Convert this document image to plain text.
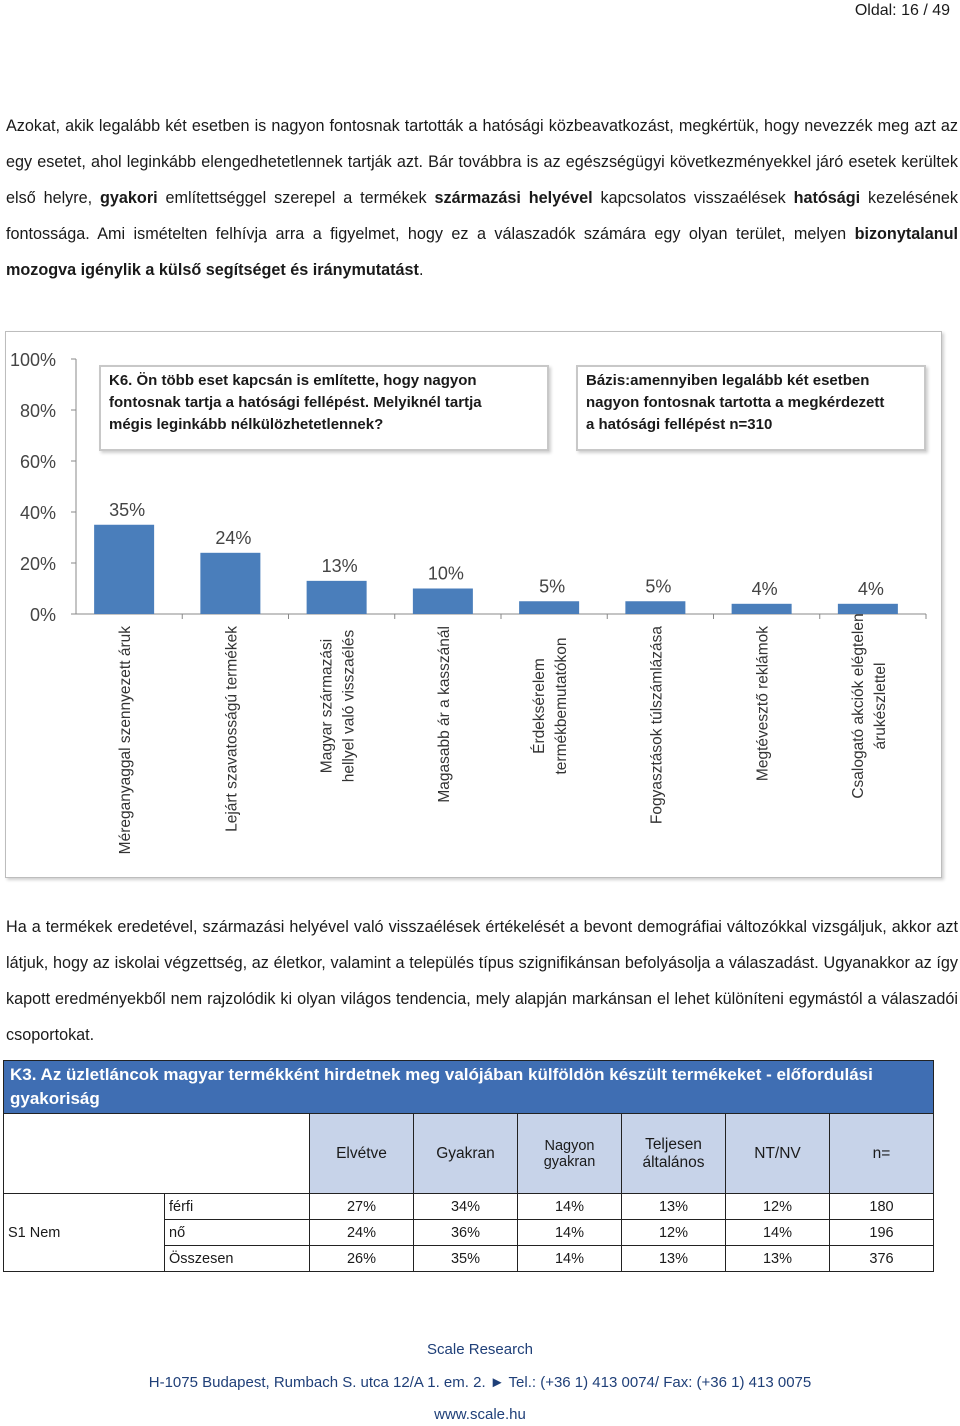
Oldal: 16 / 49

Azokat, akik legalább két esetben is nagyon fontosnak tartották a hatósági közbeavatkozást, megkértük, hogy nevezzék meg azt az egy esetet, ahol leginkább elengedhetetlennek tartják azt. Bár továbbra is az egészségügyi következményekkel járó esetek kerültek első helyre, gyakori említettséggel szerepel a termékek származási helyével kapcsolatos visszaélések hatósági kezelésének fontossága. Ami ismételten felhívja arra a figyelmet, hogy ez a válaszadók számára egy olyan terület, melyen bizonytalanul mozogva igénylik a külső segítséget és iránymutatást.

0%
20%
40%
60%
80%
100%
35%
Méreganyaggal szennyezett áruk
24%
Lejárt szavatosságú termékek
13%
Magyar származási hellyel való visszaélés
10%
Magasabb ár a kasszánál
5%
Érdeksérelem termékbemutatókon
5%
Fogyasztások túlszámlázása
4%
Megtévesztő reklámok
4%
Csalogató akciók elégtelen árukészlettel
K6. Ön több eset kapcsán is említette, hogy nagyon
fontosnak tartja a hatósági fellépést. Melyiknél tartja
mégis leginkább nélkülözhetetlennek?
Bázis:amennyiben legalább két esetben
nagyon fontosnak tartotta a megkérdezett
a hatósági fellépést n=310

Ha a termékek eredetével, származási helyével való visszaélések értékelését a bevont demográfiai változókkal vizsgáljuk, akkor azt látjuk, hogy az iskolai végzettség, az életkor, valamint a település típus szignifikánsan befolyásolja a válaszadást. Ugyanakkor az így kapott eredményekből nem rajzolódik ki olyan világos tendencia, mely alapján markánsan el lehet különíteni egymástól a válaszadói csoportokat.

K3. Az üzletláncok magyar termékként hirdetnek meg valójában külföldön készült termékeket - előfordulási gyakoriság							
		Elvétve	Gyakran	Nagyon gyakran	Teljesen általános	NT/NV	n=
S1 Nem	férfi	27%	34%	14%	13%	12%	180
	nő	24%	36%	14%	12%	14%	196
	Összesen	26%	35%	14%	13%	13%	376
Scale Research
H-1075 Budapest, Rumbach S. utca 12/A 1. em. 2. ► Tel.: (+36 1) 413 0074/ Fax: (+36 1) 413 0075
www.scale.hu
